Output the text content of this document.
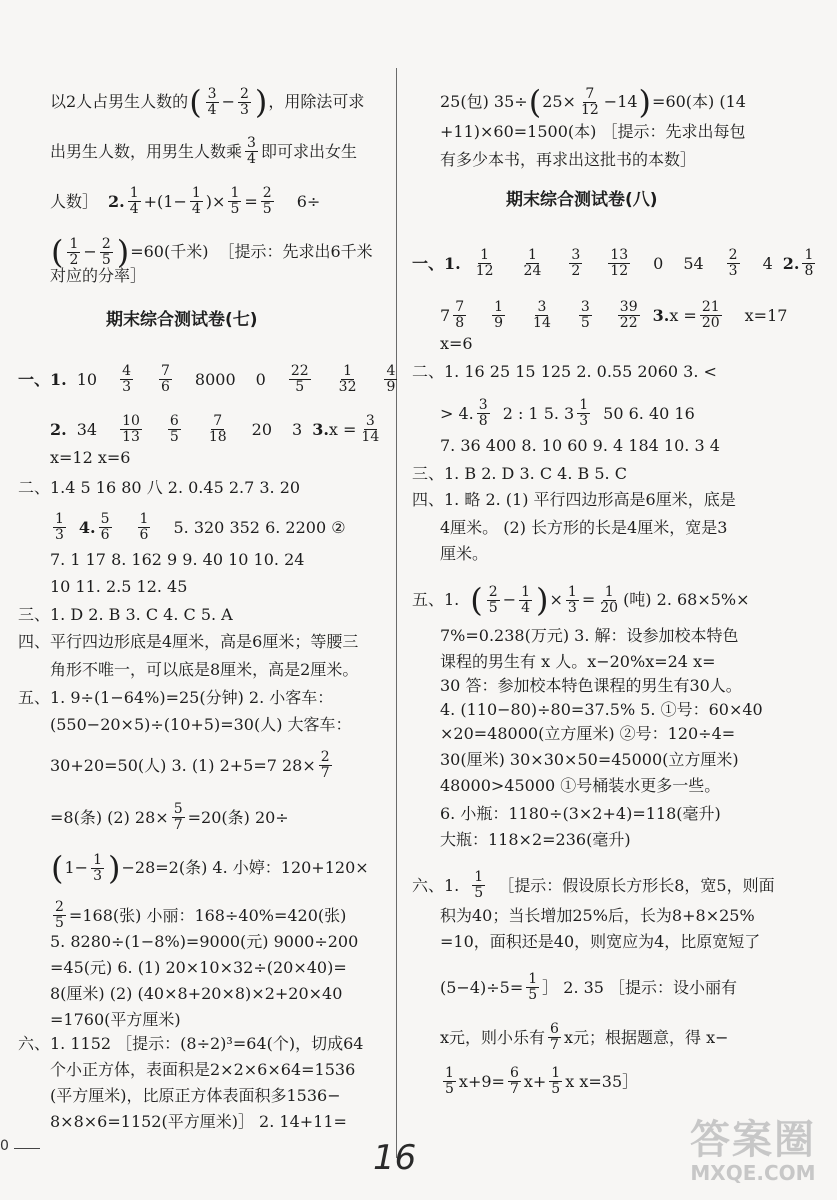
以2人占男生人数的 ( $\frac{3}{4} - \frac{2}{3}$ ) ，用除法可求
出男生人数，用男生人数乘 $\frac{3}{4}$ 即可求出女生
人数］ 2. $\frac{1}{4} + (1- \frac{1}{4}$ )× $\frac{1}{5} = \frac{2}{5} 6\div$
( $\frac{1}{2} - \frac{2}{5}$ ) =60(千米) ［提示：先求出6千米
对应的分率］
期末综合测试卷(七)
一、1. $10 \frac{4}{3} \frac{7}{6} 8000$ $0 \frac{22}{5} \frac{1}{32} \frac{4}{9}$
2. $34 \frac{10}{13} \frac{6}{5} \frac{7}{18} 20$ 3 3. $x = \frac{3}{14}$
x=12 x=6
二、1.4 5 16 80 八 2. 0.45 2.7 3. 20
$\frac{1}{3} 4$. $\frac{5}{6} \frac{1}{6} 5$. 320 352 6. 2200 ②
7. 1 17 8. 162 9 9. 40 10 10. 24
10 11. 2.5 12. 45
三、1. D 2. B 3. C 4. C 5. A
四、平行四边形底是4厘米，高是6厘米；等腰三
角形不唯一，可以底是8厘米，高是2厘米。
五、1. 9÷(1−64%)=25(分钟) 2. 小客车：
(550−20×5)÷(10+5)=30(人) 大客车：
30+20=50(人) 3. (1) 2+5=7 $28\times \frac{2}{7}$
=8(条) (2) $28\times \frac{5}{7} =20$(条) 20÷
( $1- \frac{1}{3}$ ) −28=2(条) 4. 小婷：120+120×
$\frac{2}{5} =168$(张) 小丽：168÷40%=420(张)
5. 8280÷(1−8%)=9000(元) 9000÷200
=45(元) 6. (1) 20×10×32÷(20×40)=
8(厘米) (2) (40×8+20×8)×2+20×40
=1760(平方厘米)
六、1. 1152 ［提示：(8÷2)³=64(个)，切成64
个小正方体，表面积是2×2×6×64=1536
(平方厘米)，比原正方体表面积多1536−
8×8×6=1152(平方厘米)］ 2. 14+11=
25(包) 35÷ ( $25\times \frac{7}{12} -14$ ) =60(本) (14
+11)×60=1500(本) ［提示：先求出每包
有多少本书，再求出这批书的本数］
期末综合测试卷(八)
一、1. $\frac{1}{12} \frac{1}{24} \frac{3}{2} \frac{13}{12} 0$ $54 \frac{2}{3} 4$ 2. $\frac{1}{8}$
$7 \frac{7}{8} \frac{1}{9} \frac{3}{14} \frac{3}{5} \frac{39}{22} 3$. $x = \frac{21}{20} x=17$
x=6
二、1. 16 25 15 125 2. 0.55 2060 3. <
> 4. $\frac{3}{8} 2$ : 1 5. $3 \frac{1}{3} 50$ 6. 40 16
7. 36 400 8. 10 60 9. 4 184 10. 3 4
三、1. B 2. D 3. C 4. B 5. C
四、1. 略 2. (1) 平行四边形高是6厘米，底是
4厘米。 (2) 长方形的长是4厘米，宽是3
厘米。
五、1. ( $\frac{2}{5} - \frac{1}{4}$ ) × $\frac{1}{3} = \frac{1}{20}$ (吨) 2. 68×5%×
7%=0.238(万元) 3. 解：设参加校本特色
课程的男生有 x 人。x−20%x=24 x=
30 答：参加校本特色课程的男生有30人。
4. (110−80)÷80=37.5% 5. ①号：60×40
×20=48000(立方厘米) ②号：120÷4=
30(厘米) 30×30×50=45000(立方厘米)
48000>45000 ①号桶装水更多一些。
6. 小瓶：1180÷(3×2+4)=118(毫升)
大瓶：118×2=236(毫升)
六、1. $\frac{1}{5}$ ［提示：假设原长方形长8，宽5，则面
积为40；当长增加25%后，长为8+8×25%
=10，面积还是40，则宽应为4，比原宽短了
$(5-4)\div 5= \frac{1}{5}$ ］ 2. 35 ［提示：设小丽有
x元，则小乐有 $\frac{6}{7}$ x元；根据题意，得 x−
$\frac{1}{5} x+9= \frac{6}{7} x+ \frac{1}{5}$ x x=35］
0	16	答案圈
MXQE.COM
